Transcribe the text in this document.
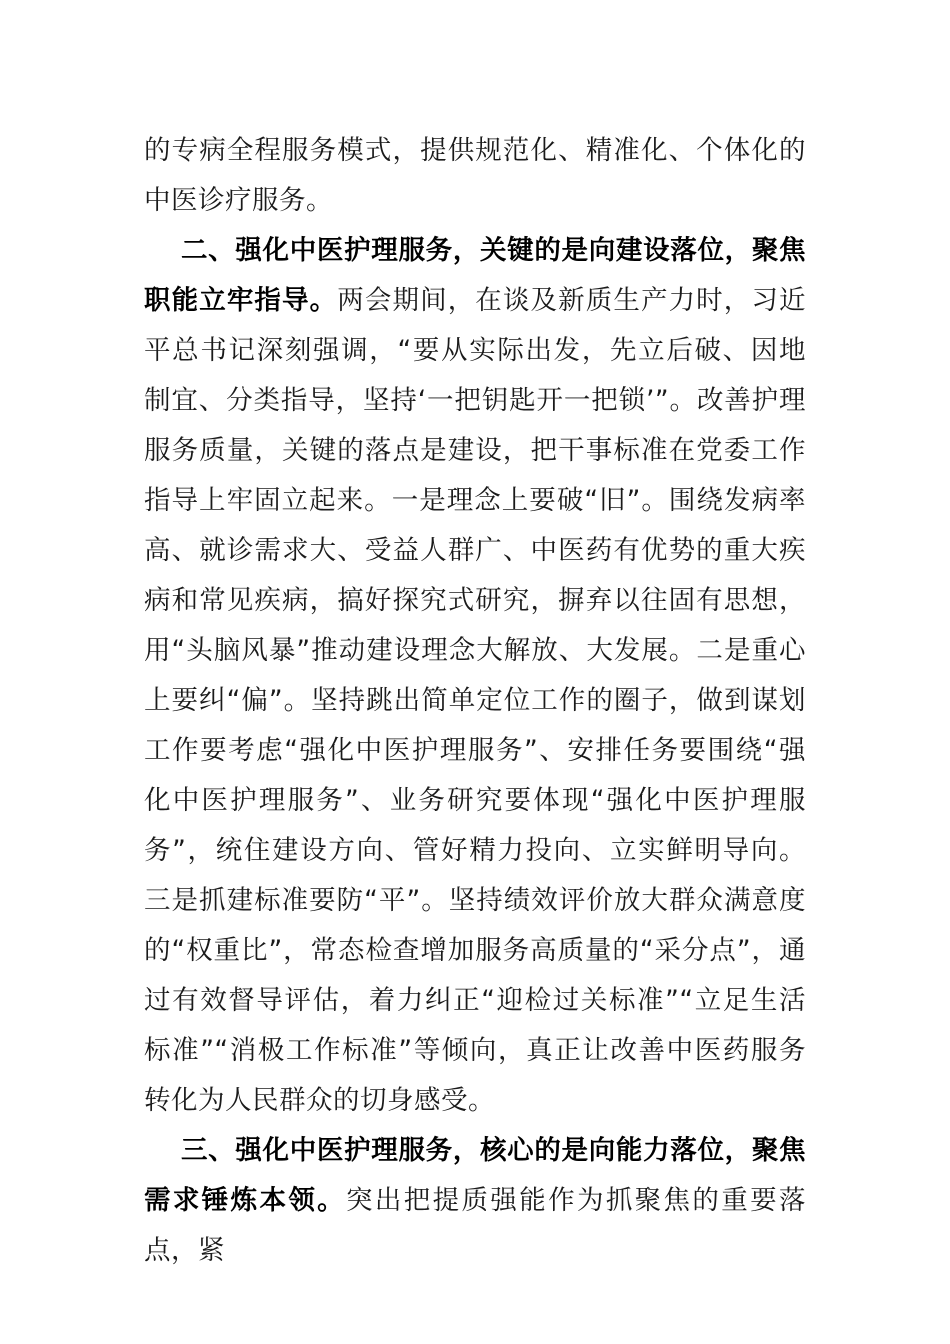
的专病全程服务模式，提供规范化、精准化、个体化的中医诊疗服务。

二、强化中医护理服务，关键的是向建设落位，聚焦职能立牢指导。两会期间，在谈及新质生产力时，习近平总书记深刻强调，“要从实际出发，先立后破、因地制宜、分类指导，坚持‘一把钥匙开一把锁’”。改善护理服务质量，关键的落点是建设，把干事标准在党委工作指导上牢固立起来。一是理念上要破“旧”。围绕发病率高、就诊需求大、受益人群广、中医药有优势的重大疾病和常见疾病，搞好探究式研究，摒弃以往固有思想，用“头脑风暴”推动建设理念大解放、大发展。二是重心上要纠“偏”。坚持跳出简单定位工作的圈子，做到谋划工作要考虑“强化中医护理服务”、安排任务要围绕“强化中医护理服务”、业务研究要体现“强化中医护理服务”，统住建设方向、管好精力投向、立实鲜明导向。三是抓建标准要防“平”。坚持绩效评价放大群众满意度的“权重比”，常态检查增加服务高质量的“采分点”，通过有效督导评估，着力纠正“迎检过关标准”“立足生活标准”“消极工作标准”等倾向，真正让改善中医药服务转化为人民群众的切身感受。

三、强化中医护理服务，核心的是向能力落位，聚焦需求锤炼本领。突出把提质强能作为抓聚焦的重要落点，紧
